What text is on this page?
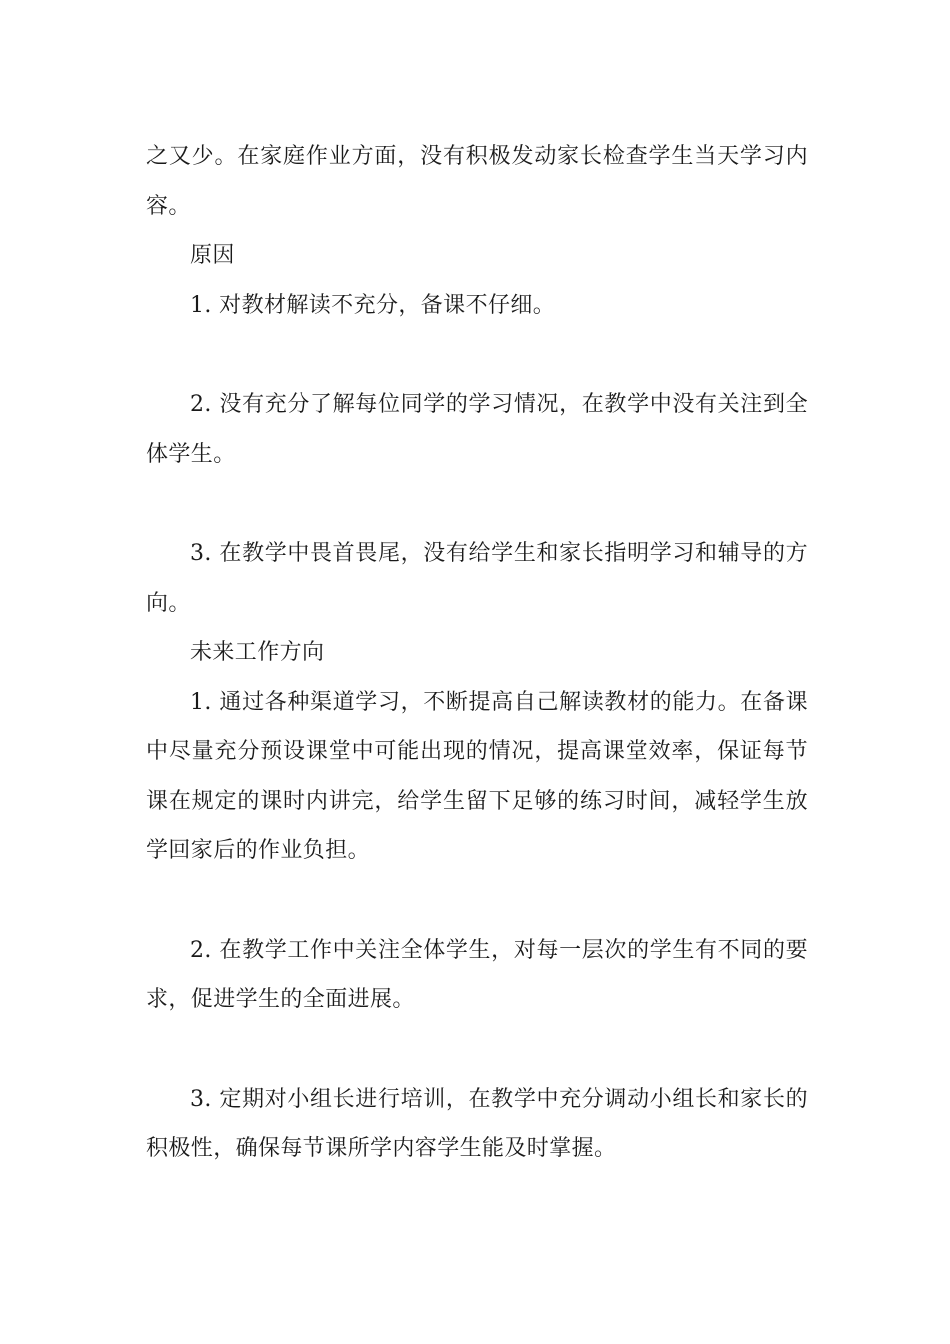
之又少。在家庭作业方面，没有积极发动家长检查学生当天学习内容。

原因

1. 对教材解读不充分，备课不仔细。

2. 没有充分了解每位同学的学习情况，在教学中没有关注到全体学生。

3. 在教学中畏首畏尾，没有给学生和家长指明学习和辅导的方向。

未来工作方向

1. 通过各种渠道学习，不断提高自己解读教材的能力。在备课中尽量充分预设课堂中可能出现的情况，提高课堂效率，保证每节课在规定的课时内讲完，给学生留下足够的练习时间，减轻学生放学回家后的作业负担。

2. 在教学工作中关注全体学生，对每一层次的学生有不同的要求，促进学生的全面进展。

3. 定期对小组长进行培训，在教学中充分调动小组长和家长的积极性，确保每节课所学内容学生能及时掌握。
